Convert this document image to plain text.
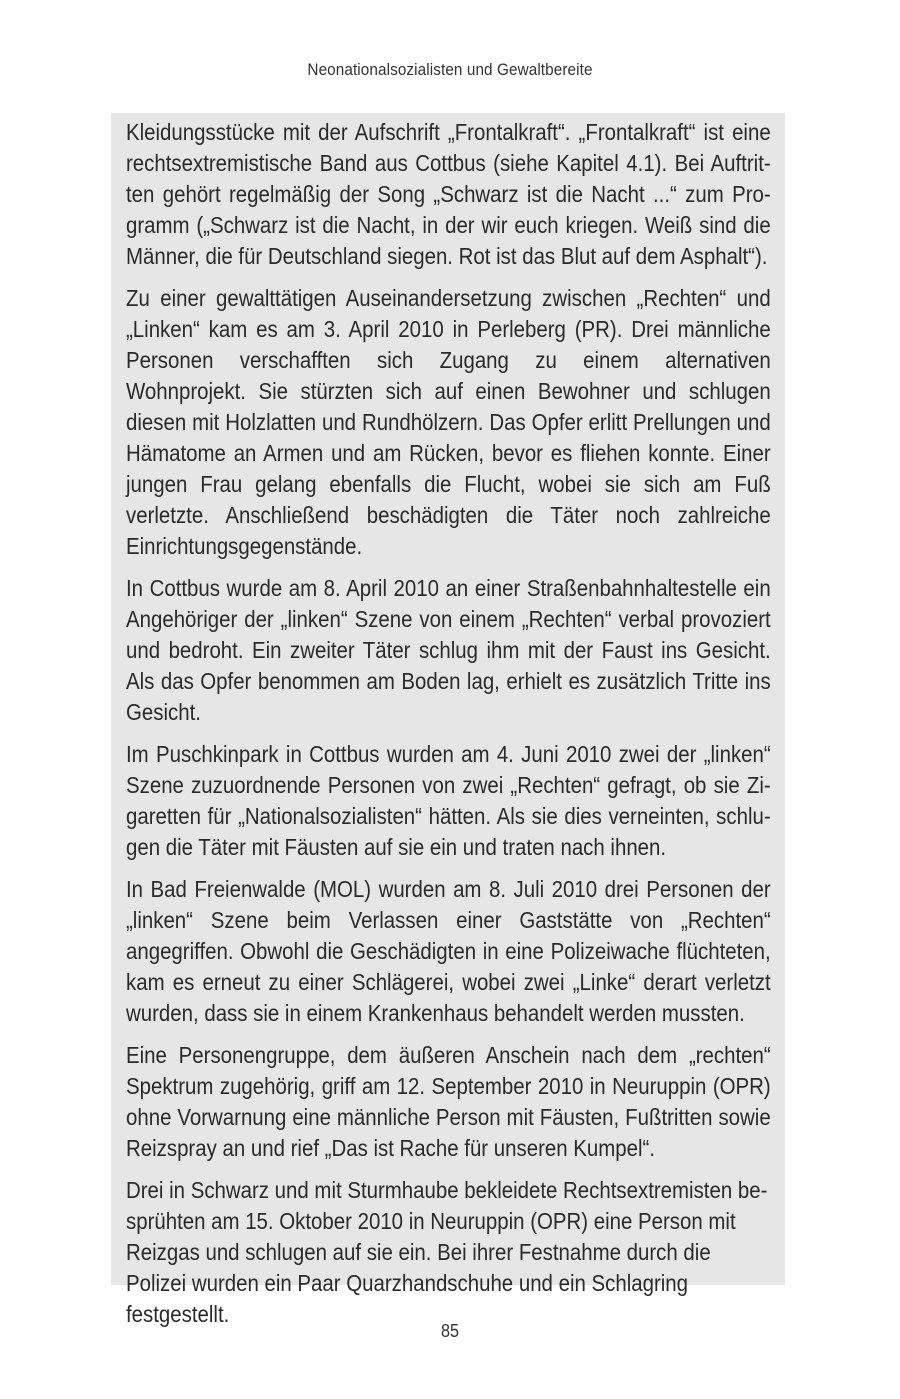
Neonationalsozialisten und Gewaltbereite

Kleidungsstücke mit der Aufschrift „Frontalkraft“. „Frontalkraft“ ist eine rechtsextremistische Band aus Cottbus (siehe Kapitel 4.1). Bei Auftritten gehört regelmäßig der Song „Schwarz ist die Nacht ...“ zum Programm („Schwarz ist die Nacht, in der wir euch kriegen. Weiß sind die Männer, die für Deutschland siegen. Rot ist das Blut auf dem Asphalt“).

Zu einer gewalttätigen Auseinandersetzung zwischen „Rechten“ und „Linken“ kam es am 3. April 2010 in Perleberg (PR). Drei männliche Personen verschafften sich Zugang zu einem alternativen Wohnprojekt. Sie stürzten sich auf einen Bewohner und schlugen diesen mit Holzlatten und Rundhölzern. Das Opfer erlitt Prellungen und Hämatome an Armen und am Rücken, bevor es fliehen konnte. Einer jungen Frau gelang ebenfalls die Flucht, wobei sie sich am Fuß verletzte. Anschließend beschädigten die Täter noch zahlreiche Einrichtungsgegenstände.

In Cottbus wurde am 8. April 2010 an einer Straßenbahnhaltestelle ein Angehöriger der „linken“ Szene von einem „Rechten“ verbal provoziert und bedroht. Ein zweiter Täter schlug ihm mit der Faust ins Gesicht. Als das Opfer benommen am Boden lag, erhielt es zusätzlich Tritte ins Gesicht.

Im Puschkinpark in Cottbus wurden am 4. Juni 2010 zwei der „linken“ Szene zuzuordnende Personen von zwei „Rechten“ gefragt, ob sie Zigaretten für „Nationalsozialisten“ hätten. Als sie dies verneinten, schlugen die Täter mit Fäusten auf sie ein und traten nach ihnen.

In Bad Freienwalde (MOL) wurden am 8. Juli 2010 drei Personen der „linken“ Szene beim Verlassen einer Gaststätte von „Rechten“ angegriffen. Obwohl die Geschädigten in eine Polizeiwache flüchteten, kam es erneut zu einer Schlägerei, wobei zwei „Linke“ derart verletzt wurden, dass sie in einem Krankenhaus behandelt werden mussten.

Eine Personengruppe, dem äußeren Anschein nach dem „rechten“ Spektrum zugehörig, griff am 12. September 2010 in Neuruppin (OPR) ohne Vorwarnung eine männliche Person mit Fäusten, Fußtritten sowie Reizspray an und rief „Das ist Rache für unseren Kumpel“.

Drei in Schwarz und mit Sturmhaube bekleidete Rechtsextremisten besprühten am 15. Oktober 2010 in Neuruppin (OPR) eine Person mit Reizgas und schlugen auf sie ein. Bei ihrer Festnahme durch die Polizei wurden ein Paar Quarzhandschuhe und ein Schlagring festgestellt.

85
